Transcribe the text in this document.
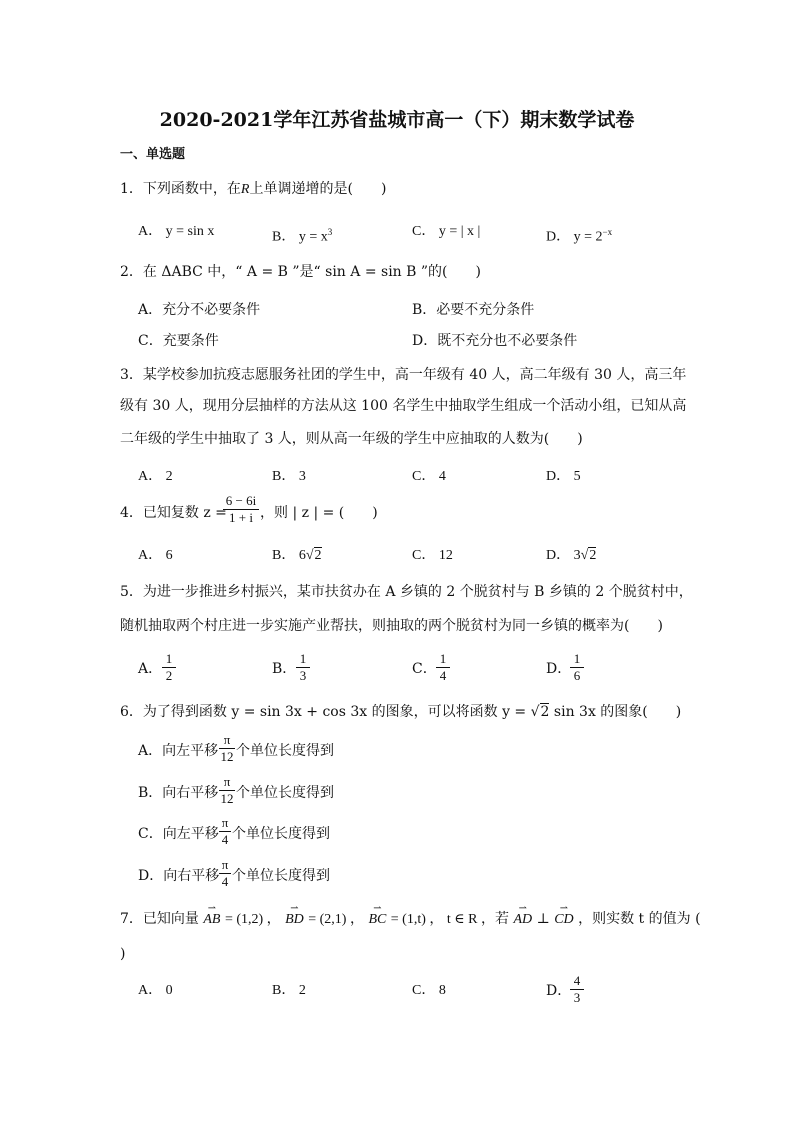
2020-2021学年江苏省盐城市高一（下）期末数学试卷
一、单选题
1．下列函数中，在R上单调递增的是(　　)
A． y = sin x	B． $y = x^3$	C． y = | x |	D． $y = 2^{-x}$
2．在 ΔABC 中，“ A = B ”是“ sin A = sin B ”的(　　)
A．充分不必要条件	B．必要不充分条件
C．充要条件	D．既不充分也不必要条件
3．某学校参加抗疫志愿服务社团的学生中，高一年级有 40 人，高二年级有 30 人，高三年
级有 30 人，现用分层抽样的方法从这 100 名学生中抽取学生组成一个活动小组，已知从高
二年级的学生中抽取了 3 人，则从高一年级的学生中应抽取的人数为(　　)
A． 2	B． 3	C． 4	D． 5
4．已知复数 z =
6 − 6i
1 + i ，则 | z | = (　　)
A． 6	B． 6√2	C． 12	D． 3√2
5．为进一步推进乡村振兴，某市扶贫办在 A 乡镇的 2 个脱贫村与 B 乡镇的 2 个脱贫村中，
随机抽取两个村庄进一步实施产业帮扶，则抽取的两个脱贫村为同一乡镇的概率为(　　)
A．
1
2	B．
1
3	C．
1
4	D．
1
6
6．为了得到函数 y = sin 3x + cos 3x 的图象，可以将函数 y = √2 sin 3x 的图象(　　)
A．向左平移
π
12 个单位长度得到
B．向右平移
π
12 个单位长度得到
C．向左平移
π
4 个单位长度得到
D．向右平移
π
4 个单位长度得到
7．已知向量 ⇀ AB = (1,2) ， ⇀ BD = (2,1) ， ⇀ BC = (1,t) ， t ∈ R ，若 ⇀ AD ⊥ ⇀ CD ，则实数 t 的值为 (
)
A． 0	B． 2	C． 8	D．
4
3
